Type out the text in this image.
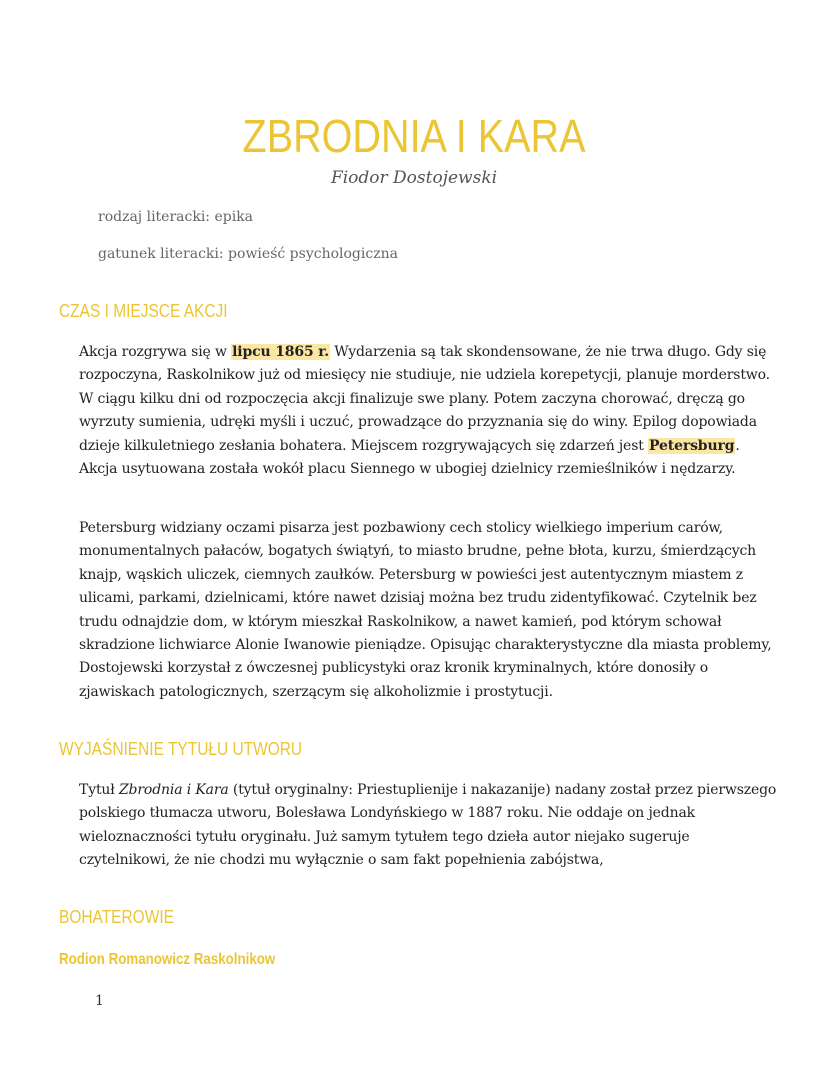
ZBRODNIA I KARA
Fiodor Dostojewski
rodzaj literacki: epika
gatunek literacki: powieść psychologiczna
CZAS I MIEJSCE AKCJI
Akcja rozgrywa się w lipcu 1865 r. Wydarzenia są tak skondensowane, że nie trwa długo. Gdy się rozpoczyna, Raskolnikow już od miesięcy nie studiuje, nie udziela korepetycji, planuje morderstwo. W ciągu kilku dni od rozpoczęcia akcji finalizuje swe plany. Potem zaczyna chorować, dręczą go wyrzuty sumienia, udręki myśli i uczuć, prowadzące do przyznania się do winy. Epilog dopowiada dzieje kilkuletniego zesłania bohatera. Miejscem rozgrywających się zdarzeń jest Petersburg. Akcja usytuowana została wokół placu Siennego w ubogiej dzielnicy rzemieślników i nędzarzy.
Petersburg widziany oczami pisarza jest pozbawiony cech stolicy wielkiego imperium carów, monumentalnych pałaców, bogatych świątyń, to miasto brudne, pełne błota, kurzu, śmierdzących knajp, wąskich uliczek, ciemnych zaułków. Petersburg w powieści jest autentycznym miastem z ulicami, parkami, dzielnicami, które nawet dzisiaj można bez trudu zidentyfikować. Czytelnik bez trudu odnajdzie dom, w którym mieszkał Raskolnikow, a nawet kamień, pod którym schował skradzione lichwiarce Alonie Iwanowie pieniądze. Opisując charakterystyczne dla miasta problemy, Dostojewski korzystał z ówczesnej publicystyki oraz kronik kryminalnych, które donosiły o zjawiskach patologicznych, szerzącym się alkoholizmie i prostytucji.
WYJAŚNIENIE TYTUŁU UTWORU
Tytuł Zbrodnia i Kara (tytuł oryginalny: Priestuplienije i nakazanije) nadany został przez pierwszego polskiego tłumacza utworu, Bolesława Londyńskiego w 1887 roku. Nie oddaje on jednak wieloznaczności tytułu oryginału. Już samym tytułem tego dzieła autor niejako sugeruje czytelnikowi, że nie chodzi mu wyłącznie o sam fakt popełnienia zabójstwa,
BOHATEROWIE
Rodion Romanowicz Raskolnikow
1
